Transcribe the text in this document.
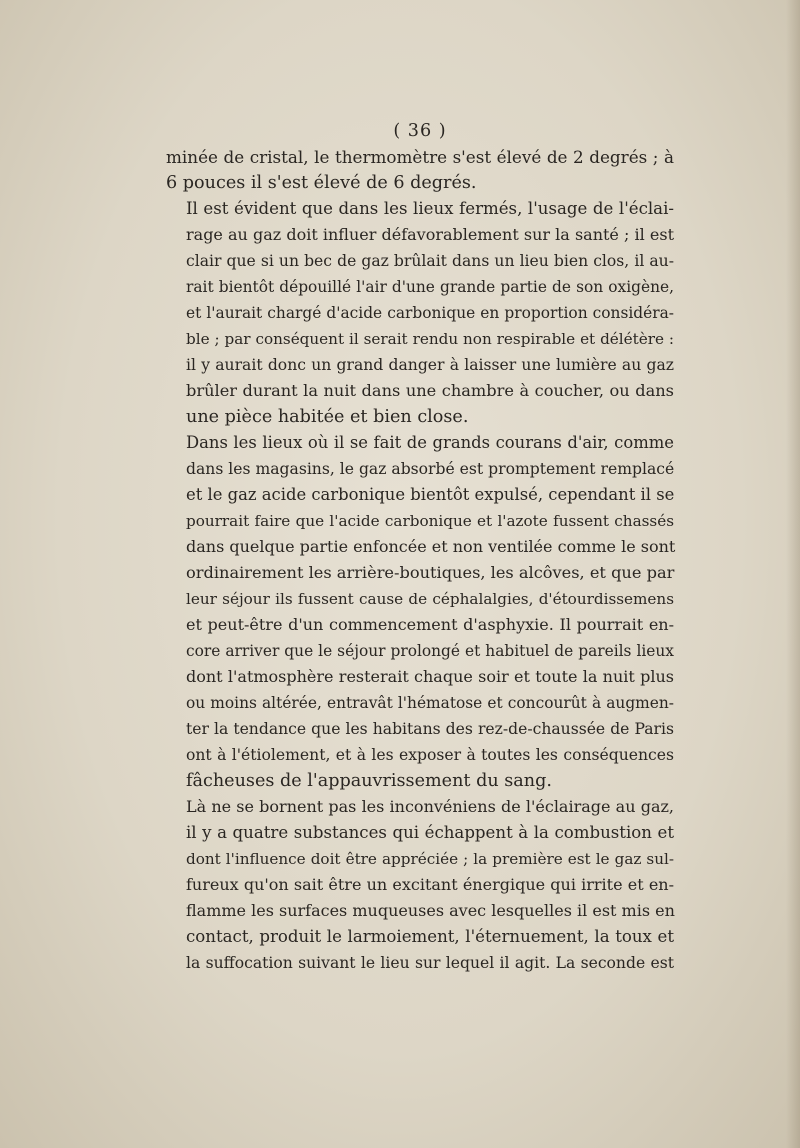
( 36 )
minée de cristal, le thermomètre s'est élevé de 2 degrés ; à
6 pouces il s'est élevé de 6 degrés.
Il est évident que dans les lieux fermés, l'usage de l'éclai-
rage au gaz doit influer défavorablement sur la santé ; il est
clair que si un bec de gaz brûlait dans un lieu bien clos, il au-
rait bientôt dépouillé l'air d'une grande partie de son oxigène,
et l'aurait chargé d'acide carbonique en proportion considéra-
ble ; par conséquent il serait rendu non respirable et délétère :
il y aurait donc un grand danger à laisser une lumière au gaz
brûler durant la nuit dans une chambre à coucher, ou dans
une pièce habitée et bien close.
Dans les lieux où il se fait de grands courans d'air, comme
dans les magasins, le gaz absorbé est promptement remplacé
et le gaz acide carbonique bientôt expulsé, cependant il se
pourrait faire que l'acide carbonique et l'azote fussent chassés
dans quelque partie enfoncée et non ventilée comme le sont
ordinairement les arrière-boutiques, les alcôves, et que par
leur séjour ils fussent cause de céphalalgies, d'étourdissemens
et peut-être d'un commencement d'asphyxie. Il pourrait en-
core arriver que le séjour prolongé et habituel de pareils lieux
dont l'atmosphère resterait chaque soir et toute la nuit plus
ou moins altérée, entravât l'hématose et concourût à augmen-
ter la tendance que les habitans des rez-de-chaussée de Paris
ont à l'étiolement, et à les exposer à toutes les conséquences
fâcheuses de l'appauvrissement du sang.
Là ne se bornent pas les inconvéniens de l'éclairage au gaz,
il y a quatre substances qui échappent à la combustion et
dont l'influence doit être appréciée ; la première est le gaz sul-
fureux qu'on sait être un excitant énergique qui irrite et en-
flamme les surfaces muqueuses avec lesquelles il est mis en
contact, produit le larmoiement, l'éternuement, la toux et
la suffocation suivant le lieu sur lequel il agit. La seconde est
